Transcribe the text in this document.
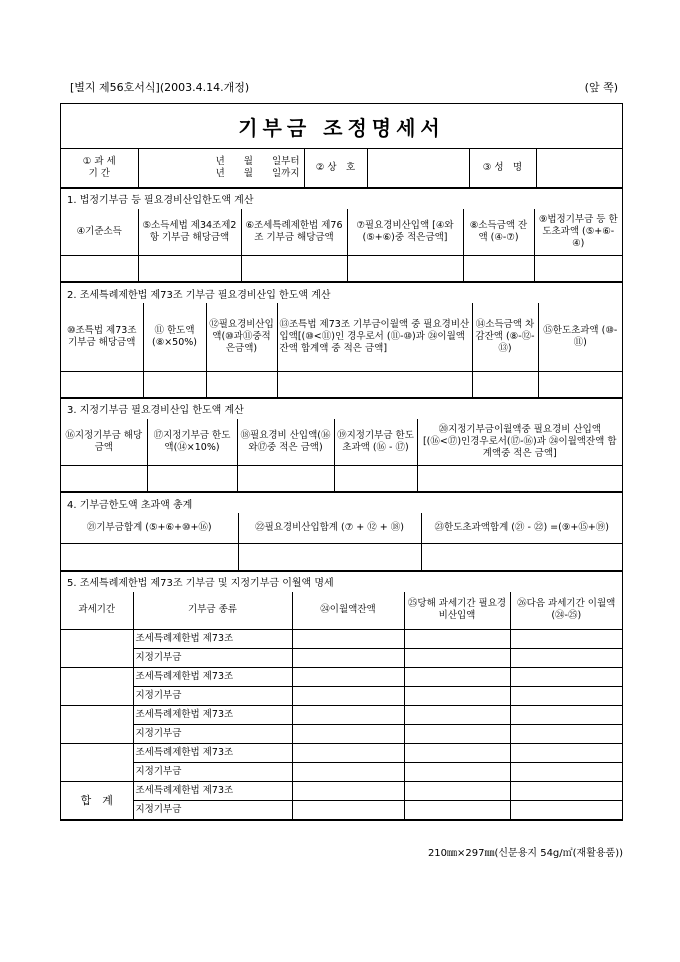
[별지 제56호서식](2003.4.14.개정)	(앞 쪽)
기부금 조정명세서
① 과 세
기 간

년　　월　　일부터
년　　월　　일까지
	② 상　호		③ 성　명	
1. 법정기부금 등 필요경비산입한도액 계산
④기준소득	⑤소득세법 제34조제2항 기부금 해당금액	⑥조세특례제한법 제76조 기부금 해당금액	⑦필요경비산입액 [④와(⑤+⑥)중 적은금액]	⑧소득금액 잔액 (④-⑦)	⑨법정기부금 등 한도초과액 (⑤+⑥-④)

2. 조세특례제한법 제73조 기부금 필요경비산입 한도액 계산
⑩조특법 제73조 기부금 해당금액	⑪ 한도액 (⑧×50%)	⑫필요경비산입액(⑩과⑪중적은금액)	⑬조특법 제73조 기부금이월액 중 필요경비산입액[(⑩<⑪)인 경우로서 (⑪-⑩)과 ㉔이월액잔액 합계액 중 적은 금액]	⑭소득금액 차감잔액 (⑧-⑫-⑬)	⑮한도초과액 (⑩-⑪)

3. 지정기부금 필요경비산입 한도액 계산
⑯지정기부금 해당 금액	⑰지정기부금 한도액(⑭×10%)	⑱필요경비 산입액(⑯와⑰중 적은 금액)	⑲지정기부금 한도초과액 (⑯ - ⑰)	⑳지정기부금이월액중 필요경비 산입액 [(⑯<⑰)인경우로서(⑰-⑯)과 ㉔이월액잔액 합계액중 적은 금액]

4. 기부금한도액 초과액 총계
㉑기부금합계 (⑤+⑥+⑩+⑯)	㉒필요경비산입합계 (⑦ + ⑫ + ⑱)	㉓한도초과액합계 (㉑ - ㉒) =(⑨+⑮+⑲)

5. 조세특례제한법 제73조 기부금 및 지정기부금 이월액 명세
과세기간	기부금 종류	㉔이월액잔액	㉕당해 과세기간 필요경비산입액	㉖다음 과세기간 이월액(㉔-㉕)
	조세특례제한법 제73조			
	지정기부금			
	조세특례제한법 제73조			
	지정기부금			
	조세특례제한법 제73조			
	지정기부금			
	조세특례제한법 제73조			
	지정기부금			
합　계	조세특례제한법 제73조			
	지정기부금			
210㎜×297㎜(신문용지 54g/㎡(재활용품))
